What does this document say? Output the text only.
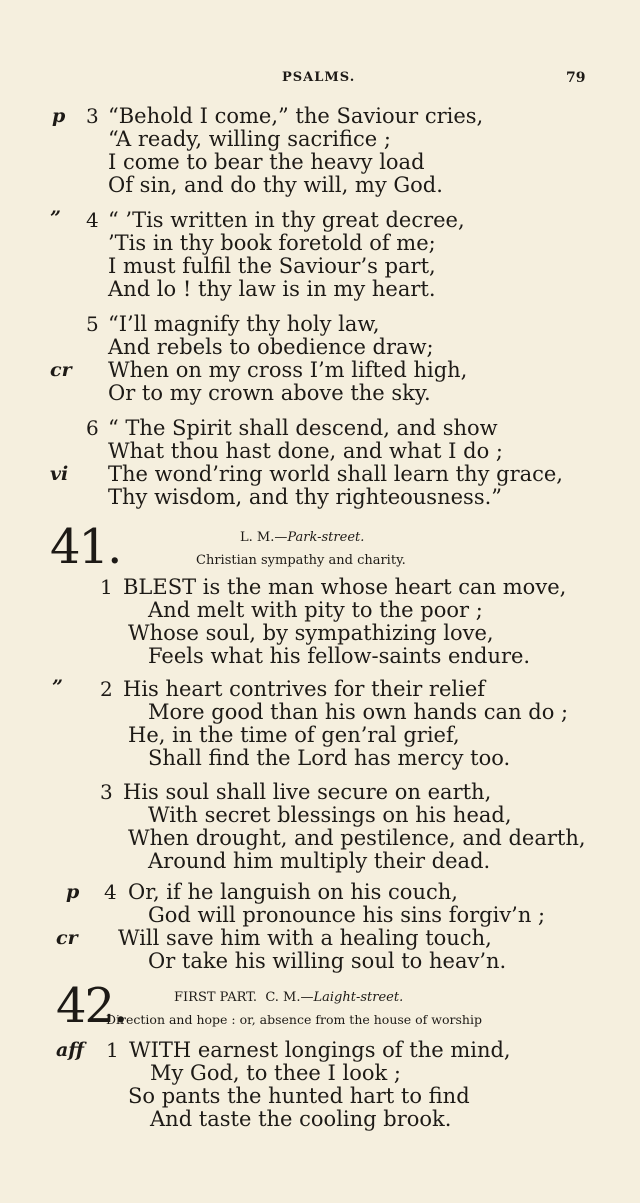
PSALMS.	79
p 3 “Behold I come,” the Saviour cries,
“A ready, willing sacrifice ;
I come to bear the heavy load
Of sin, and do thy will, my God.
” 4 “ ’Tis written in thy great decree,
’Tis in thy book foretold of me;
I must fulfil the Saviour’s part,
And lo ! thy law is in my heart.
5 “I’ll magnify thy holy law,
And rebels to obedience draw;
cr When on my cross I’m lifted high,
Or to my crown above the sky.
6 “ The Spirit shall descend, and show
What thou hast done, and what I do ;
vi The wond’ring world shall learn thy grace,
Thy wisdom, and thy righteousness.”
41.	L. M.—Park-street.
Christian sympathy and charity.
1 BLEST is the man whose heart can move,
And melt with pity to the poor ;
Whose soul, by sympathizing love,
Feels what his fellow-saints endure.
” 2 His heart contrives for their relief
More good than his own hands can do ;
He, in the time of gen’ral grief,
Shall find the Lord has mercy too.
3 His soul shall live secure on earth,
With secret blessings on his head,
When drought, and pestilence, and dearth,
Around him multiply their dead.
p 4 Or, if he languish on his couch,
God will pronounce his sins forgiv’n ;
cr Will save him with a healing touch,
Or take his willing soul to heav’n.
42.	FIRST PART. C. M.—Laight-street.
Direction and hope : or, absence from the house of worship
aff 1 WITH earnest longings of the mind,
My God, to thee I look ;
So pants the hunted hart to find
And taste the cooling brook.
